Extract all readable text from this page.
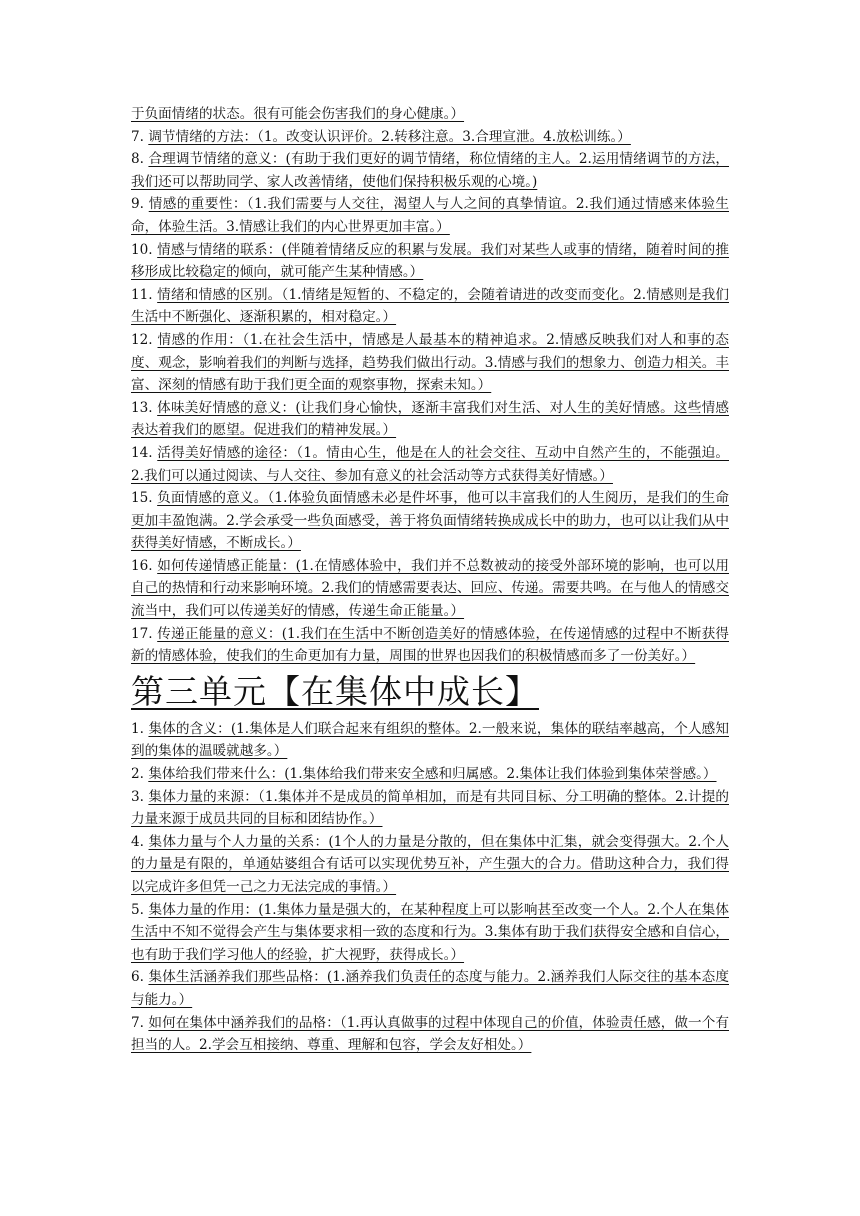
于负面情绪的状态。很有可能会伤害我们的身心健康。）

7. 调节情绪的方法：（1。改变认识评价。2.转移注意。3.合理宣泄。4.放松训练。）

8. 合理调节情绪的意义：(有助于我们更好的调节情绪，称位情绪的主人。2.运用情绪调节的方法，我们还可以帮助同学、家人改善情绪，使他们保持积极乐观的心境。)

9. 情感的重要性：（1.我们需要与人交往，渴望人与人之间的真挚情谊。2.我们通过情感来体验生命，体验生活。3.情感让我们的内心世界更加丰富。）

10. 情感与情绪的联系：(伴随着情绪反应的积累与发展。我们对某些人或事的情绪，随着时间的推移形成比较稳定的倾向，就可能产生某种情感。）

11. 情绪和情感的区别。（1.情绪是短暂的、不稳定的，会随着请进的改变而变化。2.情感则是我们生活中不断强化、逐渐积累的，相对稳定。）

12. 情感的作用：（1.在社会生活中，情感是人最基本的精神追求。2.情感反映我们对人和事的态度、观念，影响着我们的判断与选择，趋势我们做出行动。3.情感与我们的想象力、创造力相关。丰富、深刻的情感有助于我们更全面的观察事物，探索未知。）

13. 体味美好情感的意义：(让我们身心愉快，逐渐丰富我们对生活、对人生的美好情感。这些情感表达着我们的愿望。促进我们的精神发展。）

14. 活得美好情感的途径：（1。情由心生，他是在人的社会交往、互动中自然产生的，不能强迫。2.我们可以通过阅读、与人交往、参加有意义的社会活动等方式获得美好情感。）

15. 负面情感的意义。（1.体验负面情感未必是件坏事，他可以丰富我们的人生阅历，是我们的生命更加丰盈饱满。2.学会承受一些负面感受，善于将负面情绪转换成成长中的助力，也可以让我们从中获得美好情感，不断成长。）

16. 如何传递情感正能量：(1.在情感体验中，我们并不总数被动的接受外部环境的影响，也可以用自己的热情和行动来影响环境。2.我们的情感需要表达、回应、传递。需要共鸣。在与他人的情感交流当中，我们可以传递美好的情感，传递生命正能量。）

17. 传递正能量的意义：(1.我们在生活中不断创造美好的情感体验，在传递情感的过程中不断获得新的情感体验，使我们的生命更加有力量，周围的世界也因我们的积极情感而多了一份美好。）

第三单元【在集体中成长】

1. 集体的含义：(1.集体是人们联合起来有组织的整体。2.一般来说，集体的联结率越高，个人感知到的集体的温暖就越多。）

2. 集体给我们带来什么：(1.集体给我们带来安全感和归属感。2.集体让我们体验到集体荣誉感。）

3. 集体力量的来源：（1.集体并不是成员的简单相加，而是有共同目标、分工明确的整体。2.计提的力量来源于成员共同的目标和团结协作。）

4. 集体力量与个人力量的关系：(1个人的力量是分散的，但在集体中汇集，就会变得强大。2.个人的力量是有限的，单通姑婆组合有话可以实现优势互补，产生强大的合力。借助这种合力，我们得以完成许多但凭一己之力无法完成的事情。）

5. 集体力量的作用：(1.集体力量是强大的，在某种程度上可以影响甚至改变一个人。2.个人在集体生活中不知不觉得会产生与集体要求相一致的态度和行为。3.集体有助于我们获得安全感和自信心，也有助于我们学习他人的经验，扩大视野，获得成长。）

6. 集体生活涵养我们那些品格：(1.涵养我们负责任的态度与能力。2.涵养我们人际交往的基本态度与能力。）

7. 如何在集体中涵养我们的品格：（1.再认真做事的过程中体现自己的价值，体验责任感，做一个有担当的人。2.学会互相接纳、尊重、理解和包容，学会友好相处。）
